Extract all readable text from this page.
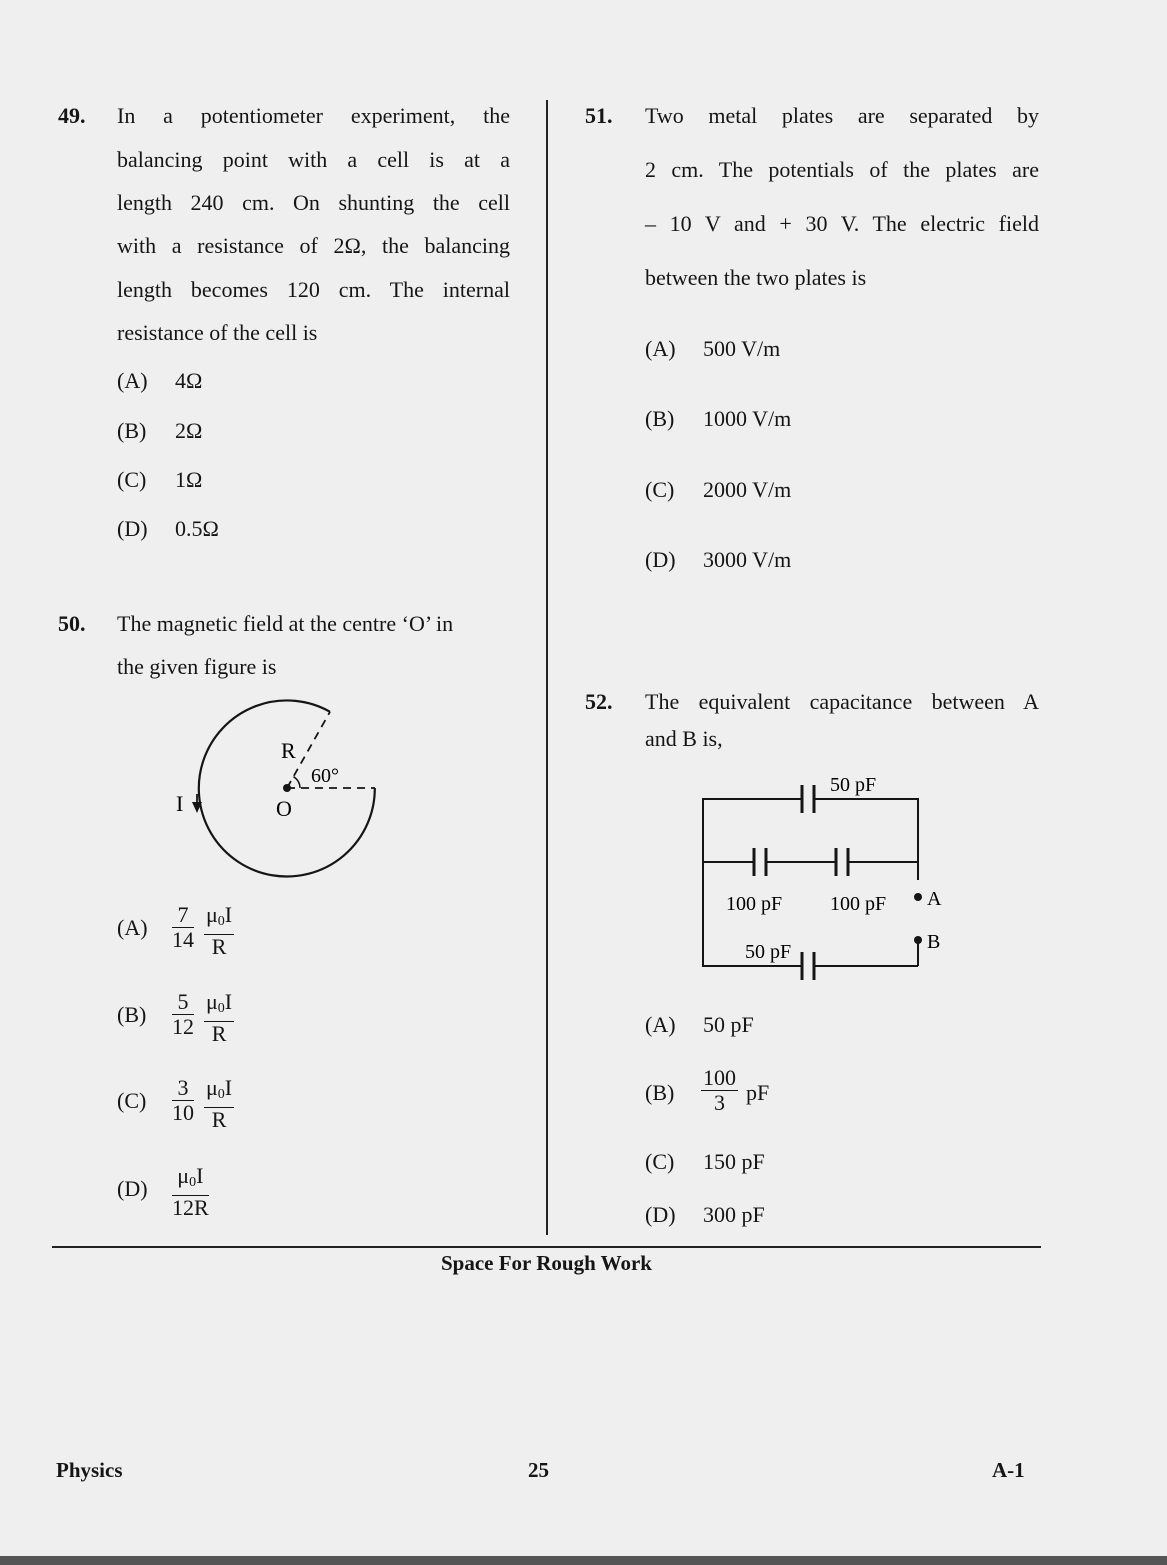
49. In a potentiometer experiment, the
balancing point with a cell is at a
length 240 cm. On shunting the cell
with a resistance of 2Ω, the balancing
length becomes 120 cm. The internal
resistance of the cell is
(A) 4Ω
(B) 2Ω
(C) 1Ω
(D) 0.5Ω
50. The magnetic field at the centre ‘O’ in
the given figure is
R
60°
I	O
$(A) \frac{7}{14} \frac{\mu_0I}{R}$
$(B) \frac{5}{12} \frac{\mu_0I}{R}$
$(C) \frac{3}{10} \frac{\mu_0I}{R}$
$(D) \frac{\mu_0I}{12R}$
51. Two metal plates are separated by
2 cm. The potentials of the plates are
– 10 V and + 30 V. The electric field
between the two plates is
(A) 500 V/m
(B) 1000 V/m
(C) 2000 V/m
(D) 3000 V/m
52. The equivalent capacitance between A
and B is,
50 pF
100 pF 100 pF
50 pF
A
B
(A) 50 pF
$(B) \frac{100}{3}$ pF
(C) 150 pF
(D) 300 pF
Space For Rough Work
Physics	25	A-1
